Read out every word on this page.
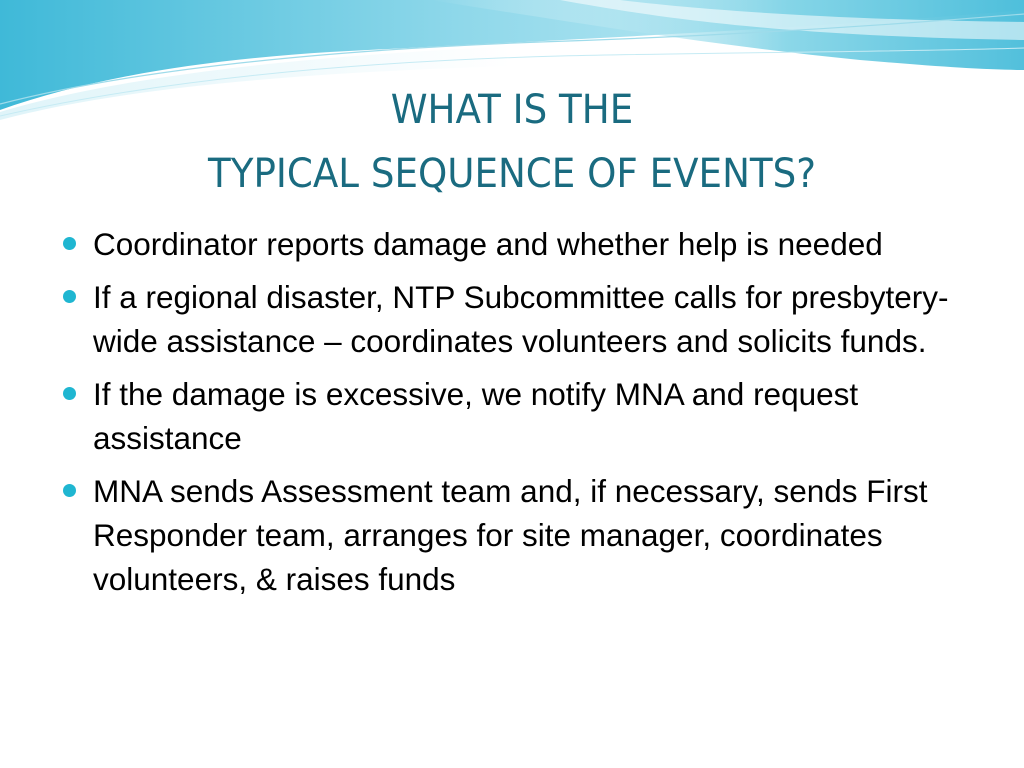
WHAT IS THE
TYPICAL SEQUENCE OF EVENTS?
Coordinator reports damage and whether help is needed
If a regional disaster, NTP Subcommittee calls for presbytery-wide assistance – coordinates volunteers and solicits funds.
If the damage is excessive, we notify MNA and request assistance
MNA sends Assessment team and, if necessary, sends First Responder team, arranges for site manager, coordinates volunteers, & raises funds
